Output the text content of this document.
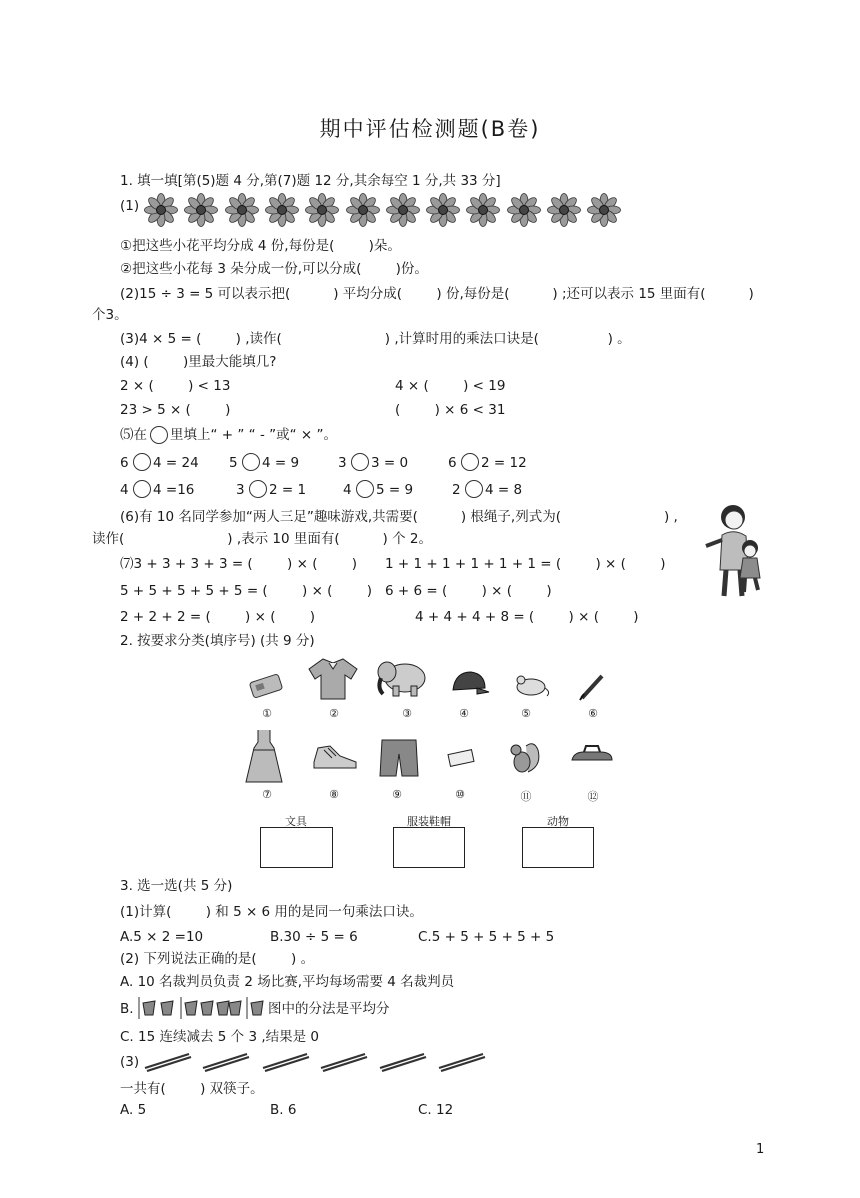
期中评估检测题(B卷)
1. 填一填[第(5)题 4 分,第(7)题 12 分,其余每空 1 分,共 33 分]
(1)
①把这些小花平均分成 4 份,每份是(        )朵。
②把这些小花每 3 朵分成一份,可以分成(        )份。
(2)15 ÷ 3 = 5 可以表示把(          ) 平均分成(        ) 份,每份是(          ) ;还可以表示 15 里面有(          )
个3。
(3)4 × 5 = (        ) ,读作(                        ) ,计算时用的乘法口诀是(                ) 。
(4) (        )里最大能填几?
2 × (        ) < 13	4 × (        ) < 19
23 > 5 × (        )	(        ) × 6 < 31
⑸在 里填上“ + ” “ - ”或“ × ”。
6 4 = 24 5 4 = 9	3 3 = 0	6 2 = 12
4 4 =16	3 2 = 1	4 5 = 9	2 4 = 8
(6)有 10 名同学参加“两人三足”趣味游戏,共需要(          ) 根绳子,列式为(                        ) ,
读作(                        ) ,表示 10 里面有(          ) 个 2。
⑺3 + 3 + 3 + 3 = (        ) × (        ) 1 + 1 + 1 + 1 + 1 + 1 = (        ) × (        )
5 + 5 + 5 + 5 + 5 = (        ) × (        ) 6 + 6 = (        ) × (        )
2 + 2 + 2 = (        ) × (        )	4 + 4 + 4 + 8 = (        ) × (        )
2. 按要求分类(填序号) (共 9 分)
①	②	③	④	⑤	⑥
⑦	⑧	⑨	⑩	⑪	⑫
文具	服装鞋帽	动物
3. 选一选(共 5 分)
(1)计算(        ) 和 5 × 6 用的是同一句乘法口诀。
A.5 × 2 =10	B.30 ÷ 5 = 6	C.5 + 5 + 5 + 5 + 5
(2) 下列说法正确的是(        ) 。
A. 10 名裁判员负责 2 场比赛,平均每场需要 4 名裁判员
B.	图中的分法是平均分
C. 15 连续减去 5 个 3 ,结果是 0
(3)
一共有(        ) 双筷子。
A. 5	B. 6	C. 12
1
